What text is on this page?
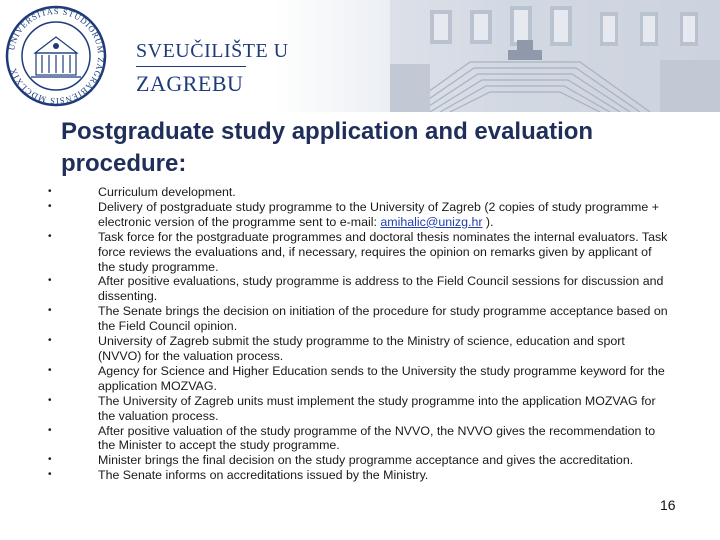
UNIVERSITAS STUDIORUM ZAGRABIENSIS MDCLXIX
SVEUČILIŠTE U
ZAGREBU
Postgraduate study application and evaluation procedure:
•	Curriculum development.
•	Delivery of postgraduate study programme to the University of Zagreb (2 copies of study programme + electronic version of the programme sent to e-mail: amihalic@unizg.hr ).
•	Task force for the postgraduate programmes and doctoral thesis nominates the internal evaluators. Task force reviews the evaluations and, if necessary, requires the opinion on remarks given by applicant of the study programme.
•	After positive evaluations, study programme is address to the Field Council sessions for discussion and dissenting.
•	The Senate brings the decision on initiation of the procedure for study programme acceptance based on the Field Council opinion.
•	University of Zagreb submit the study programme to the Ministry of science, education and sport (NVVO) for the valuation process.
•	Agency for Science and Higher Education sends to the University the study programme keyword for the application MOZVAG.
•	The University of Zagreb units must implement the study programme into the application MOZVAG for the valuation process.
•	After positive valuation of the study programme of the NVVO, the NVVO gives the recommendation to the Minister to accept the study programme.
•	Minister brings the final decision on the study programme acceptance and gives the accreditation.
•	The Senate informs on accreditations issued by the Ministry.
16
